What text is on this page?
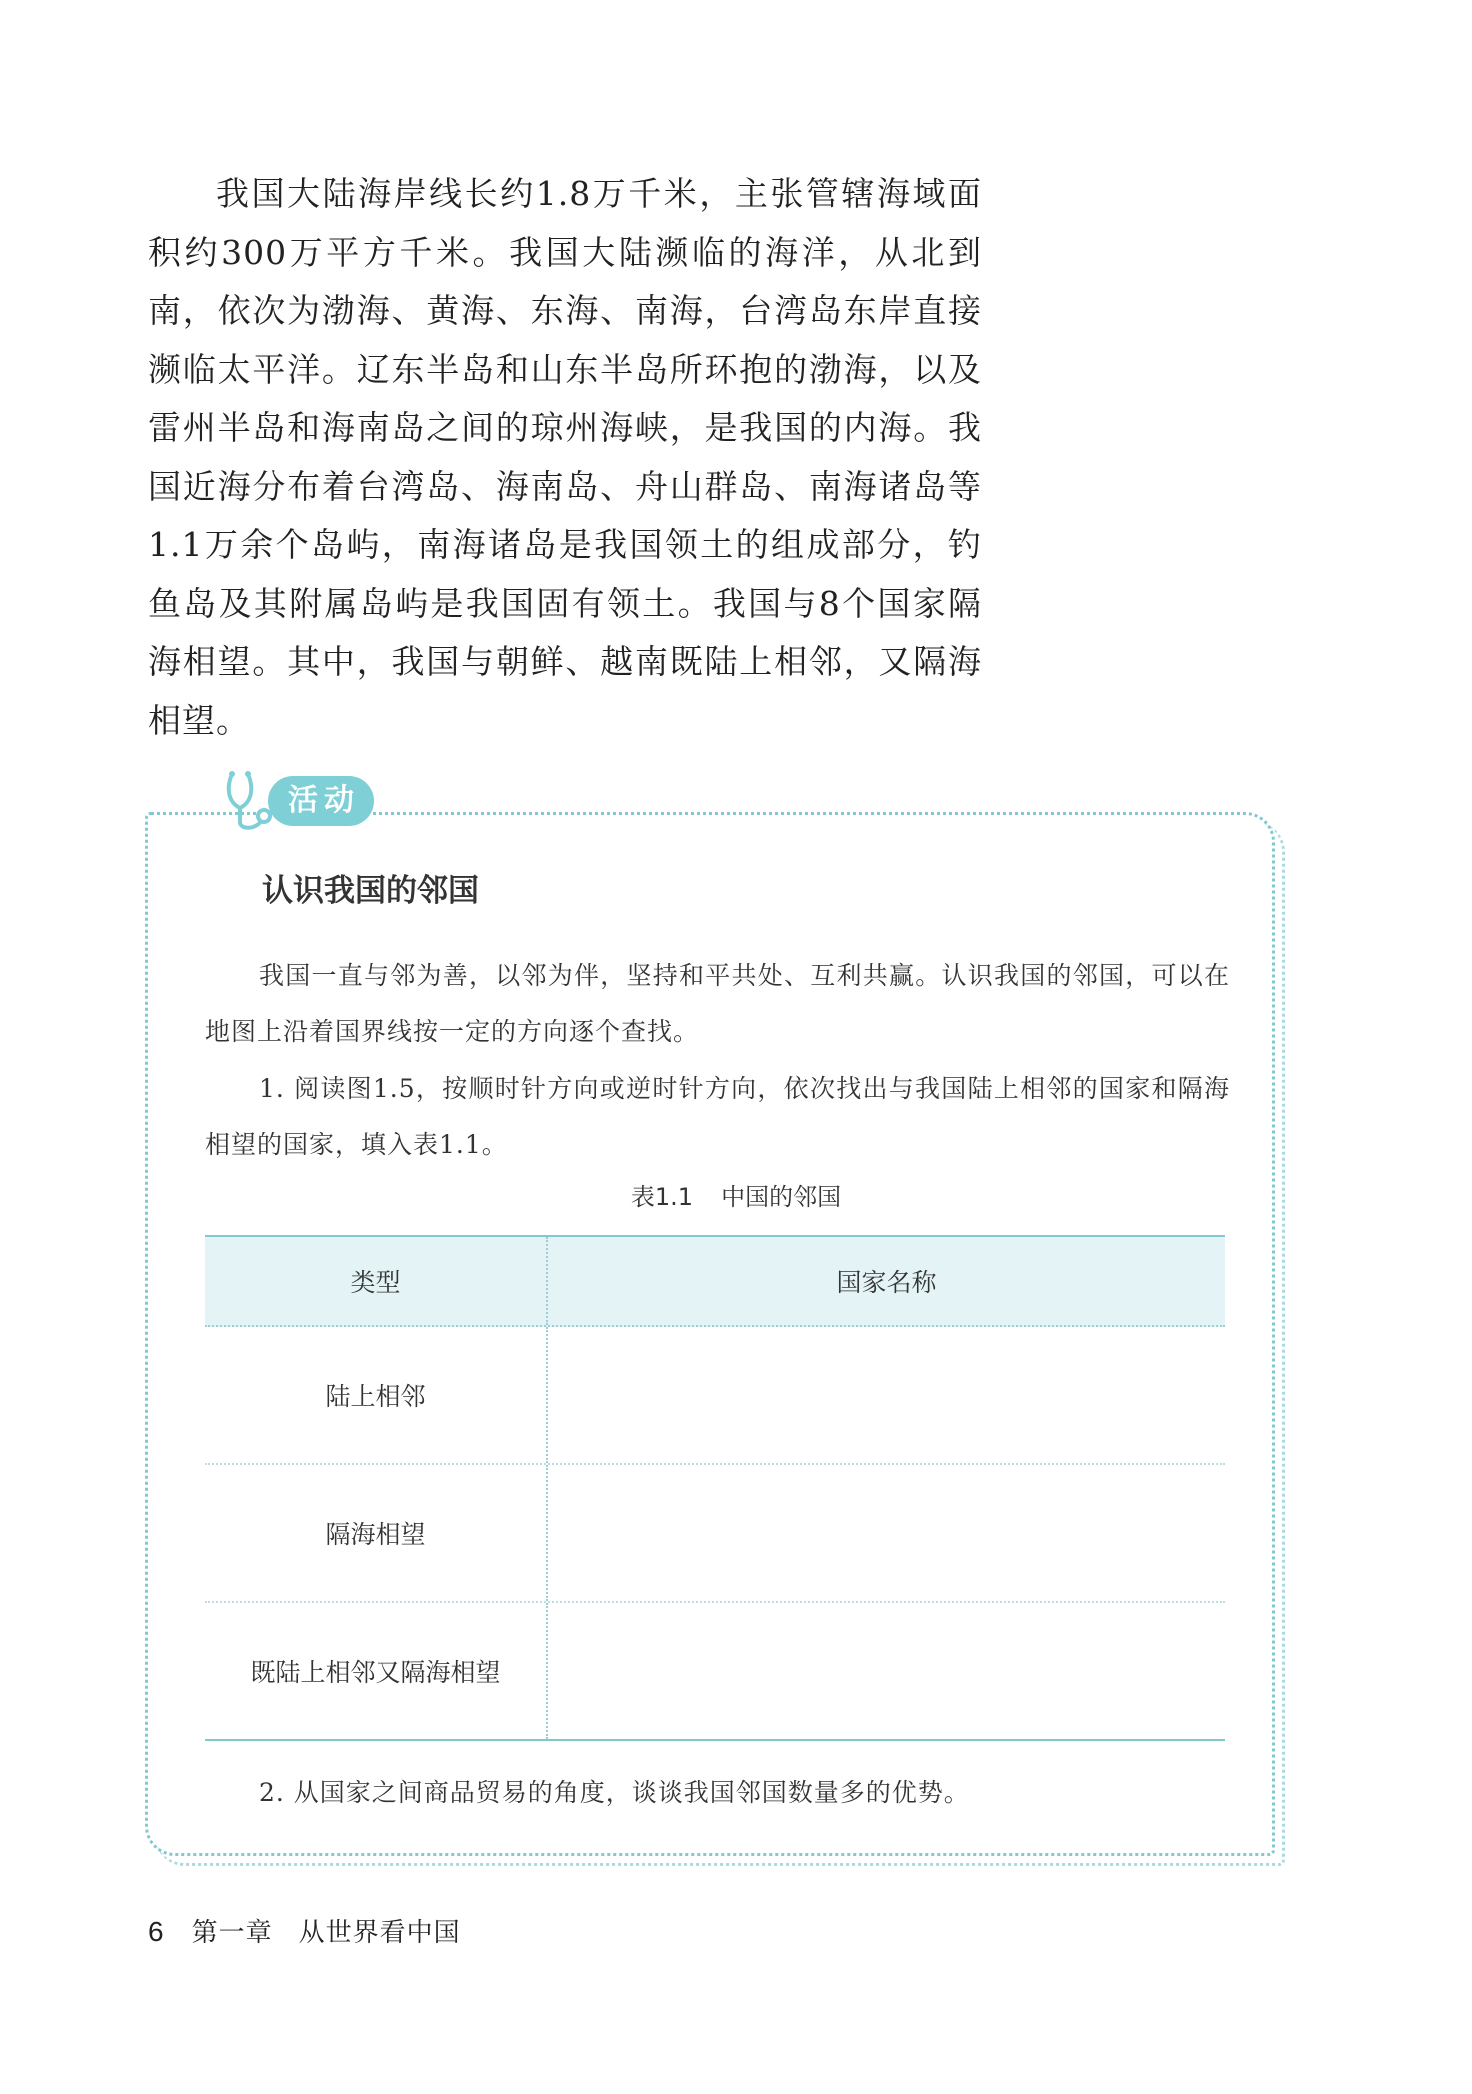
我国大陆海岸线长约1.8万千米，主张管辖海域面积约300万平方千米。我国大陆濒临的海洋，从北到南，依次为渤海、黄海、东海、南海，台湾岛东岸直接濒临太平洋。辽东半岛和山东半岛所环抱的渤海，以及雷州半岛和海南岛之间的琼州海峡，是我国的内海。我国近海分布着台湾岛、海南岛、舟山群岛、南海诸岛等1.1万余个岛屿，南海诸岛是我国领土的组成部分，钓鱼岛及其附属岛屿是我国固有领土。我国与8个国家隔海相望。其中，我国与朝鲜、越南既陆上相邻，又隔海相望。

活动
认识我国的邻国

我国一直与邻为善，以邻为伴，坚持和平共处、互利共赢。认识我国的邻国，可以在地图上沿着国界线按一定的方向逐个查找。

1. 阅读图1.5，按顺时针方向或逆时针方向，依次找出与我国陆上相邻的国家和隔海相望的国家，填入表1.1。

表1.1 中国的邻国
类型	国家名称
陆上相邻
隔海相望
既陆上相邻又隔海相望

2. 从国家之间商品贸易的角度，谈谈我国邻国数量多的优势。

6 第一章 从世界看中国
